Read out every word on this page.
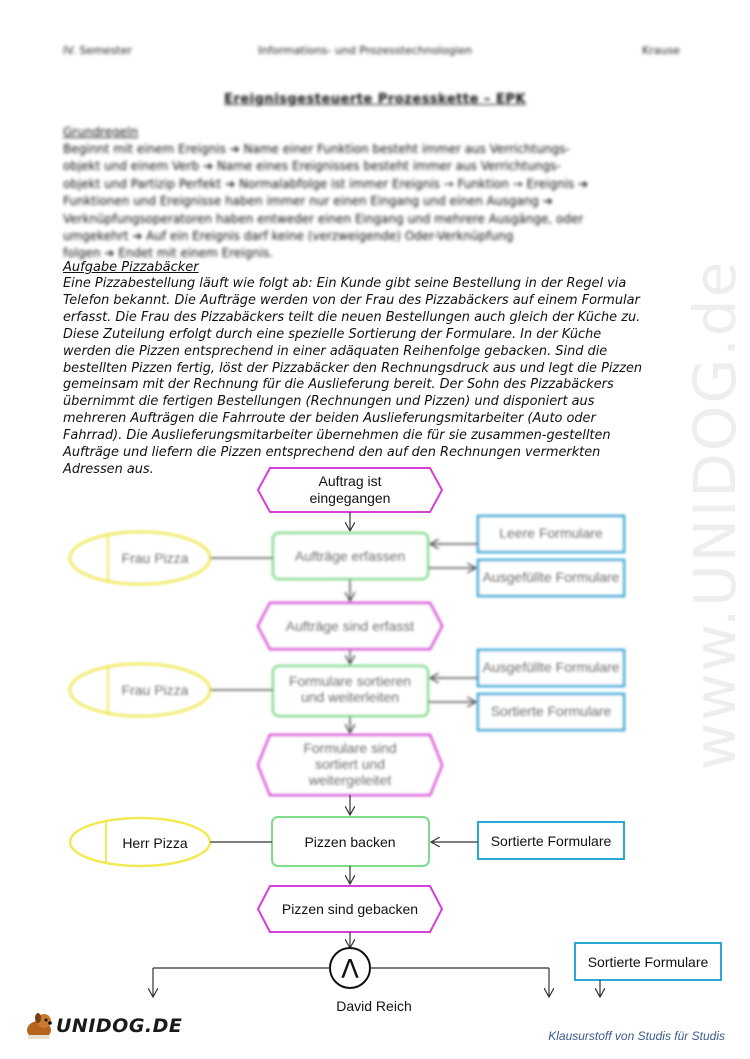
IV. Semester	Informations- und Prozesstechnologien	Krause
Ereignisgesteuerte Prozesskette – EPK
Grundregeln
Beginnt mit einem Ereignis ➔ Name einer Funktion besteht immer aus Verrichtungs-
objekt und einem Verb ➔ Name eines Ereignisses besteht immer aus Verrichtungs-
objekt und Partizip Perfekt ➔ Normalabfolge ist immer Ereignis → Funktion → Ereignis ➔
Funktionen und Ereignisse haben immer nur einen Eingang und einen Ausgang ➔
Verknüpfungsoperatoren haben entweder einen Eingang und mehrere Ausgänge, oder
umgekehrt ➔ Auf ein Ereignis darf keine (verzweigende) Oder-Verknüpfung
folgen ➔ Endet mit einem Ereignis.
www.UNIDOG.de
Aufgabe Pizzabäcker
Eine Pizzabestellung läuft wie folgt ab: Ein Kunde gibt seine Bestellung in der Regel via
Telefon bekannt. Die Aufträge werden von der Frau des Pizzabäckers auf einem Formular
erfasst. Die Frau des Pizzabäckers teilt die neuen Bestellungen auch gleich der Küche zu.
Diese Zuteilung erfolgt durch eine spezielle Sortierung der Formulare. In der Küche
werden die Pizzen entsprechend in einer adäquaten Reihenfolge gebacken. Sind die
bestellten Pizzen fertig, löst der Pizzabäcker den Rechnungsdruck aus und legt die Pizzen
gemeinsam mit der Rechnung für die Auslieferung bereit. Der Sohn des Pizzabäckers
übernimmt die fertigen Bestellungen (Rechnungen und Pizzen) und disponiert aus
mehreren Aufträgen die Fahrroute der beiden Auslieferungsmitarbeiter (Auto oder
Fahrrad). Die Auslieferungsmitarbeiter übernehmen die für sie zusammen-gestellten
Aufträge und liefern die Pizzen entsprechend den auf den Rechnungen vermerkten
Adressen aus.
Auftrag ist
eingegangen
Aufträge erfassen
Frau Pizza
Leere Formulare
Ausgefüllte Formulare
Aufträge sind erfasst
Formulare sortieren
und weiterleiten
Frau Pizza
Ausgefüllte Formulare
Sortierte Formulare
Formulare sind
sortiert und
weitergeleitet
Pizzen backen
Herr Pizza	Sortierte Formulare
Pizzen sind gebacken
Λ	Sortierte Formulare
David Reich
UNIDOG.DE	Klausurstoff von Studis für Studis
